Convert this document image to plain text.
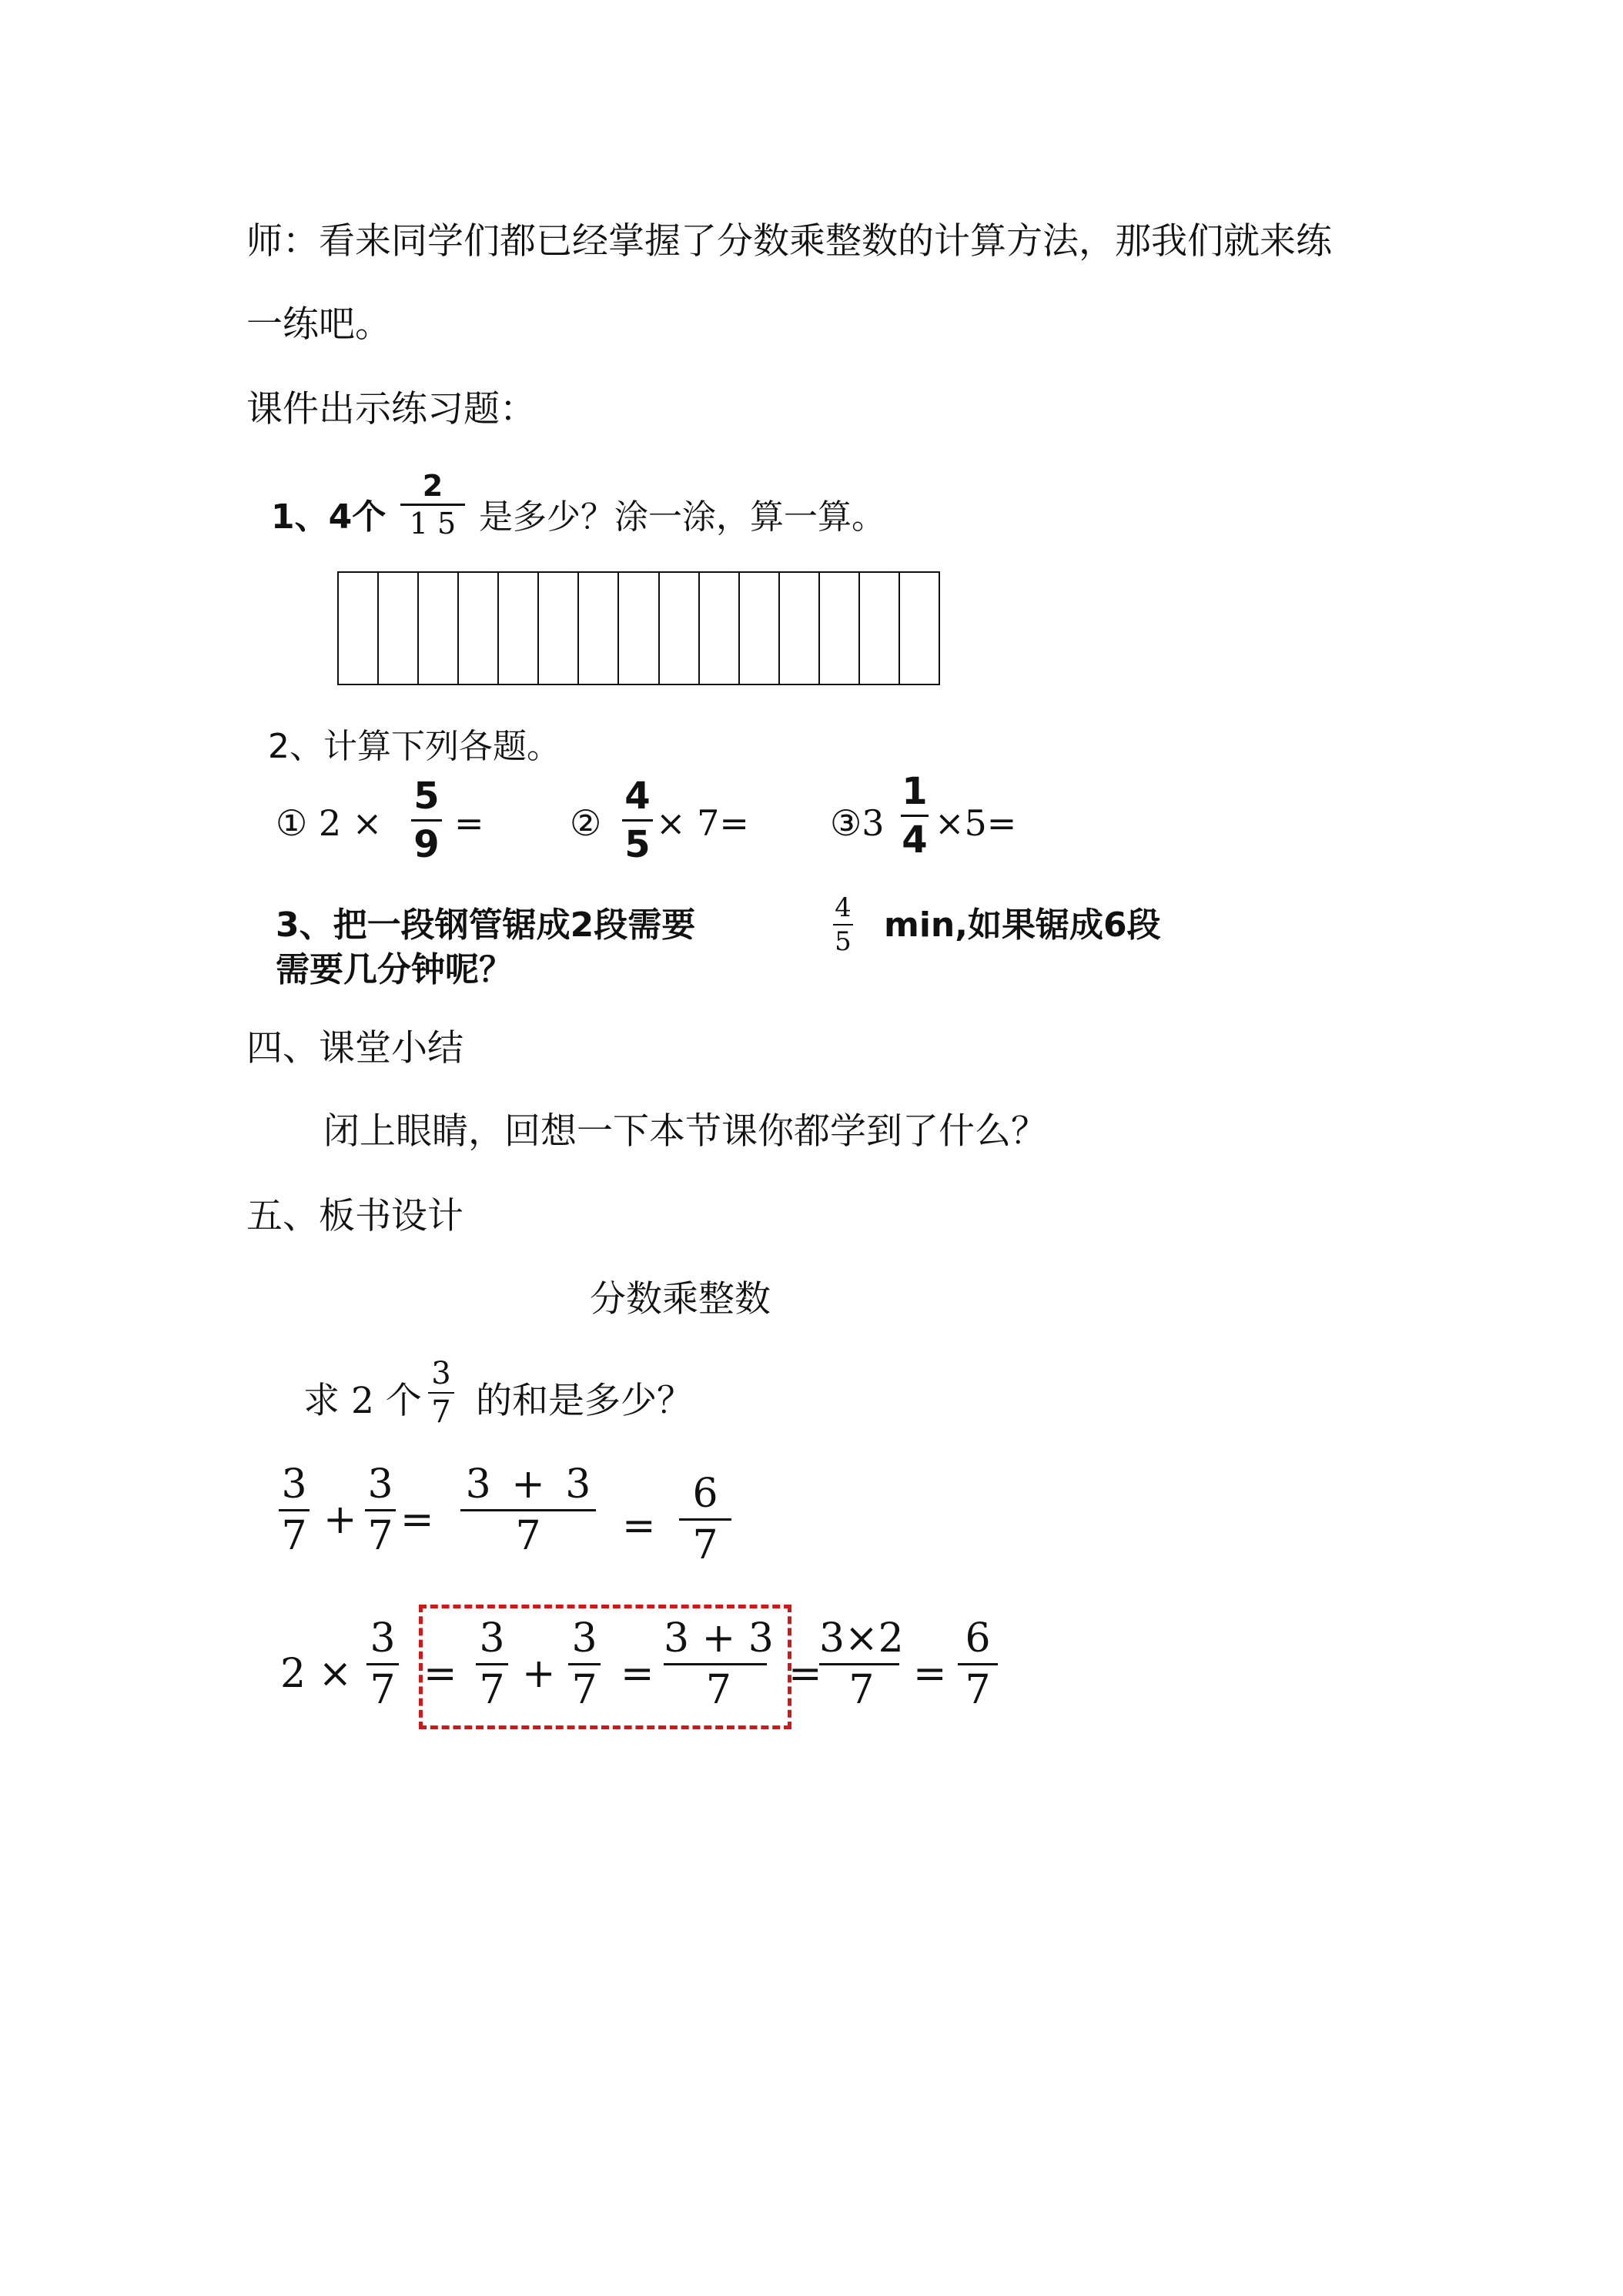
师：看来同学们都已经掌握了分数乘整数的计算方法，那我们就来练
一练吧。
课件出示练习题：
1、4个
2
1 5 是多少？涂一涂，算一算。
2、计算下列各题。
① 2 ×
5
9 = ②
4
5 × 7= ③3
1
4 ×5=
3、把一段钢管锯成2段需要	4
5 min,如果锯成6段
需要几分钟呢？
四、课堂小结
闭上眼睛，回想一下本节课你都学到了什么？
五、板书设计
分数乘整数
求 2 个
3
7 的和是多少？
3
7 +
3
7 =
3 + 3
7 =
6
7
2 ×
3
7 =
3
7 +
3
7 =
3 + 3
7 =
3×2
7 =
6
7
